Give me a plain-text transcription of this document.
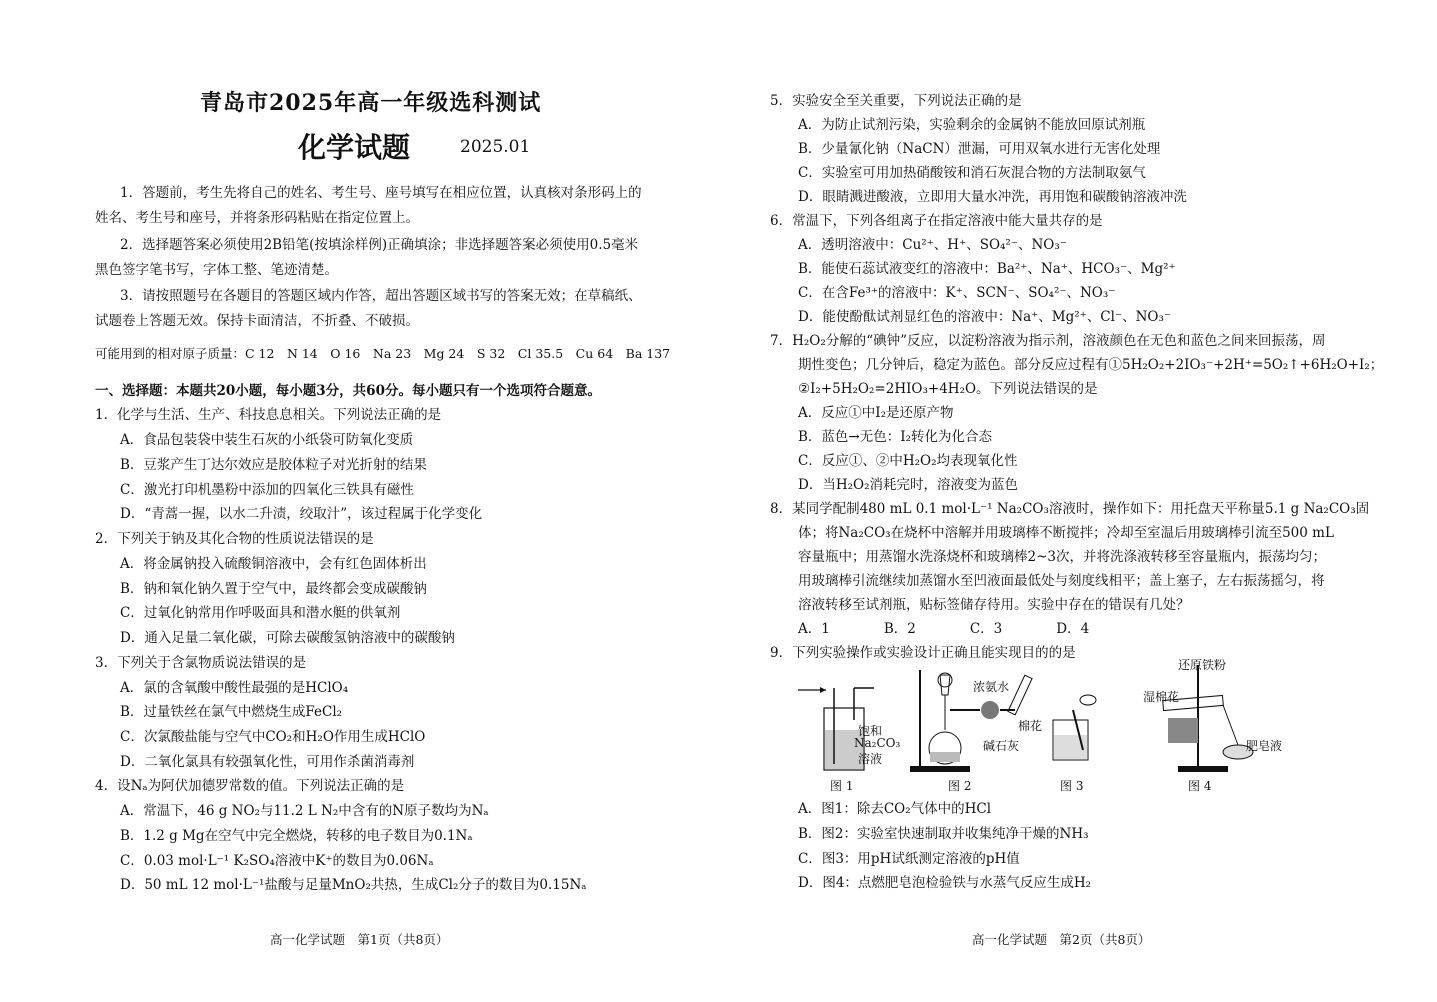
青岛市2025年高一年级选科测试
化学试题	2025.01
1．答题前，考生先将自己的姓名、考生号、座号填写在相应位置，认真核对条形码上的
姓名、考生号和座号，并将条形码粘贴在指定位置上。
2．选择题答案必须使用2B铅笔(按填涂样例)正确填涂；非选择题答案必须使用0.5毫米
黑色签字笔书写，字体工整、笔迹清楚。
3．请按照题号在各题目的答题区域内作答，超出答题区域书写的答案无效；在草稿纸、
试题卷上答题无效。保持卡面清洁，不折叠、不破损。
可能用到的相对原子质量：C 12　N 14　O 16　Na 23　Mg 24　S 32　Cl 35.5　Cu 64　Ba 137
一、选择题：本题共20小题，每小题3分，共60分。每小题只有一个选项符合题意。
1．化学与生活、生产、科技息息相关。下列说法正确的是
A．食品包装袋中装生石灰的小纸袋可防氧化变质
B．豆浆产生丁达尔效应是胶体粒子对光折射的结果
C．激光打印机墨粉中添加的四氧化三铁具有磁性
D．“青蒿一握，以水二升渍，绞取汁”，该过程属于化学变化
2．下列关于钠及其化合物的性质说法错误的是
A．将金属钠投入硫酸铜溶液中，会有红色固体析出
B．钠和氧化钠久置于空气中，最终都会变成碳酸钠
C．过氧化钠常用作呼吸面具和潜水艇的供氧剂
D．通入足量二氧化碳，可除去碳酸氢钠溶液中的碳酸钠
3．下列关于含氯物质说法错误的是
A．氯的含氧酸中酸性最强的是HClO₄
B．过量铁丝在氯气中燃烧生成FeCl₂
C．次氯酸盐能与空气中CO₂和H₂O作用生成HClO
D．二氧化氯具有较强氧化性，可用作杀菌消毒剂
4．设Nₐ为阿伏加德罗常数的值。下列说法正确的是
A．常温下，46 g NO₂与11.2 L N₂中含有的N原子数均为Nₐ
B．1.2 g Mg在空气中完全燃烧，转移的电子数目为0.1Nₐ
C．0.03 mol·L⁻¹ K₂SO₄溶液中K⁺的数目为0.06Nₐ
D．50 mL 12 mol·L⁻¹盐酸与足量MnO₂共热，生成Cl₂分子的数目为0.15Nₐ
高一化学试题　第1页（共8页）
5．实验安全至关重要，下列说法正确的是
A．为防止试剂污染，实验剩余的金属钠不能放回原试剂瓶
B．少量氰化钠（NaCN）泄漏，可用双氧水进行无害化处理
C．实验室可用加热硝酸铵和消石灰混合物的方法制取氨气
D．眼睛溅进酸液，立即用大量水冲洗，再用饱和碳酸钠溶液冲洗
6．常温下，下列各组离子在指定溶液中能大量共存的是
A．透明溶液中：Cu²⁺、H⁺、SO₄²⁻、NO₃⁻
B．能使石蕊试液变红的溶液中：Ba²⁺、Na⁺、HCO₃⁻、Mg²⁺
C．在含Fe³⁺的溶液中：K⁺、SCN⁻、SO₄²⁻、NO₃⁻
D．能使酚酞试剂显红色的溶液中：Na⁺、Mg²⁺、Cl⁻、NO₃⁻
7．H₂O₂分解的“碘钟”反应，以淀粉溶液为指示剂，溶液颜色在无色和蓝色之间来回振荡，周
期性变色；几分钟后，稳定为蓝色。部分反应过程有①5H₂O₂+2IO₃⁻+2H⁺=5O₂↑+6H₂O+I₂；
②I₂+5H₂O₂=2HIO₃+4H₂O。下列说法错误的是
A．反应①中I₂是还原产物
B．蓝色→无色：I₂转化为化合态
C．反应①、②中H₂O₂均表现氧化性
D．当H₂O₂消耗完时，溶液变为蓝色
8．某同学配制480 mL 0.1 mol·L⁻¹ Na₂CO₃溶液时，操作如下：用托盘天平称量5.1 g Na₂CO₃固
体；将Na₂CO₃在烧杯中溶解并用玻璃棒不断搅拌；冷却至室温后用玻璃棒引流至500 mL
容量瓶中；用蒸馏水洗涤烧杯和玻璃棒2~3次，并将洗涤液转移至容量瓶内，振荡均匀；
用玻璃棒引流继续加蒸馏水至凹液面最低处与刻度线相平；盖上塞子，左右振荡摇匀，将
溶液转移至试剂瓶，贴标签储存待用。实验中存在的错误有几处？
A．1　　　　B．2　　　　C．3　　　　D．4
9．下列实验操作或实验设计正确且能实现目的的是
饱和
Na₂CO₃
溶液
浓氨水
棉花
碱石灰
还原铁粉
湿棉花
肥皂液
图 1	图 2	图 3	图 4
A．图1：除去CO₂气体中的HCl
B．图2：实验室快速制取并收集纯净干燥的NH₃
C．图3：用pH试纸测定溶液的pH值
D．图4：点燃肥皂泡检验铁与水蒸气反应生成H₂
高一化学试题　第2页（共8页）
